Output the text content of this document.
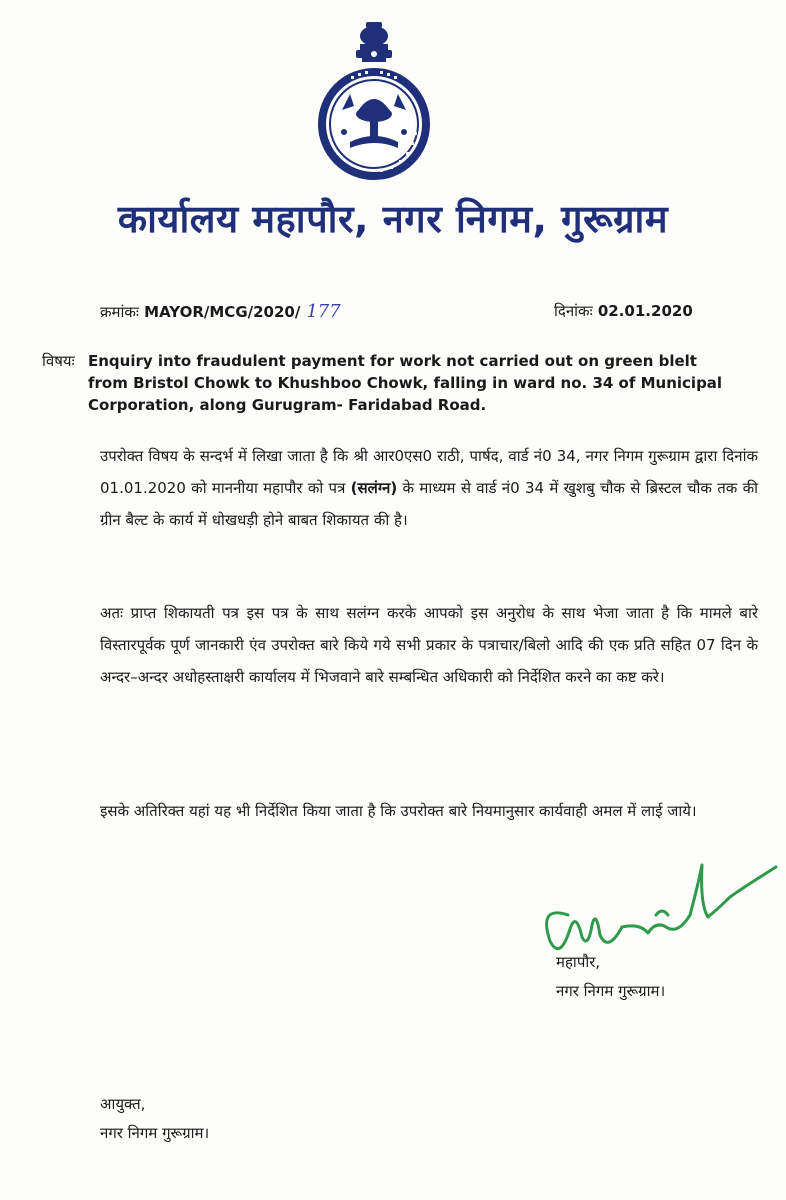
कार्यालय महापौर, नगर निगम, गुरूग्राम
क्रमांकः MAYOR/MCG/2020/ 177	दिनांकः 02.01.2020
विषयः Enquiry into fraudulent payment for work not carried out on green blelt from Bristol Chowk to Khushboo Chowk, falling in ward no. 34 of Municipal Corporation, along Gurugram- Faridabad Road.
उपरोक्त विषय के सन्दर्भ में लिखा जाता है कि श्री आर0एस0 राठी, पार्षद, वार्ड नं0 34, नगर निगम गुरूग्राम द्वारा दिनांक 01.01.2020 को माननीया महापौर को पत्र (सलंग्न) के माध्यम से वार्ड नं0 34 में खुशबु चौक से ब्रिस्टल चौक तक की ग्रीन बैल्ट के कार्य में धोखधड़ी होने बाबत शिकायत की है।
अतः प्राप्त शिकायती पत्र इस पत्र के साथ सलंग्न करके आपको इस अनुरोध के साथ भेजा जाता है कि मामले बारे विस्तारपूर्वक पूर्ण जानकारी एंव उपरोक्त बारे किये गये सभी प्रकार के पत्राचार/बिलो आदि की एक प्रति सहित 07 दिन के अन्दर–अन्दर अधोहस्ताक्षरी कार्यालय में भिजवाने बारे सम्बन्धित अधिकारी को निर्देशित करने का कष्ट करे।
इसके अतिरिक्त यहां यह भी निर्देशित किया जाता है कि उपरोक्त बारे नियमानुसार कार्यवाही अमल में लाई जाये।
महापौर,
नगर निगम गुरूग्राम।
आयुक्त,
नगर निगम गुरूग्राम।
